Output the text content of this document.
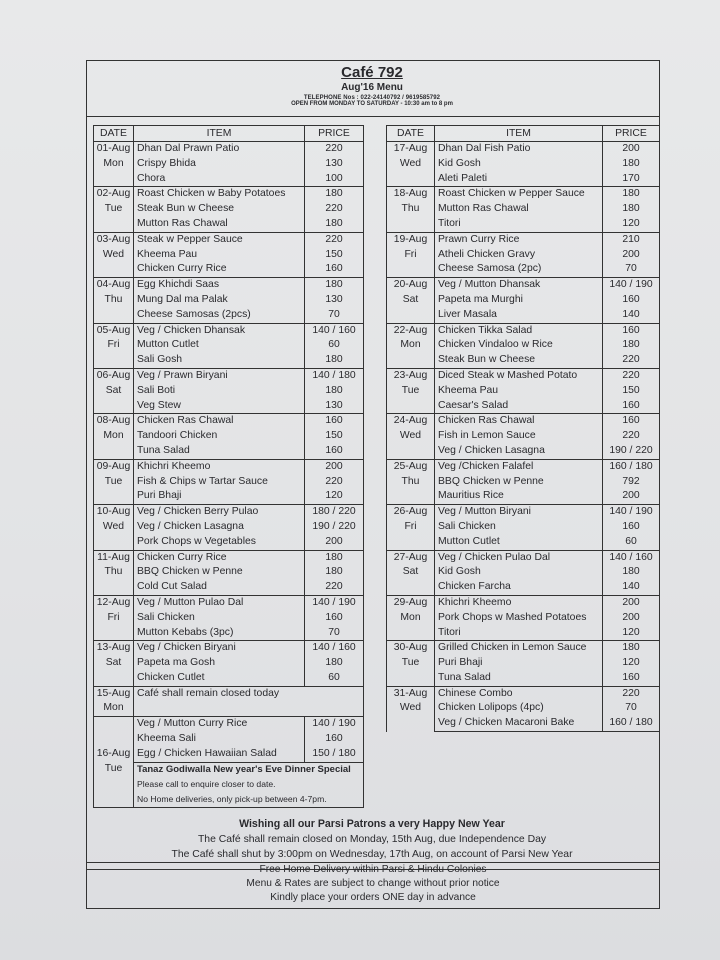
Café 792
Aug'16 Menu
TELEPHONE Nos : 022-24140792 / 9619585792
OPEN FROM MONDAY TO SATURDAY - 10:30 am to 8 pm
DATE	ITEM	PRICE

01-Aug
Mon	Dhan Dal Prawn Patio	220
	Crispy Bhida	130
	Chora	100

02-Aug
Tue	Roast Chicken w Baby Potatoes	180
	Steak Bun w Cheese	220
	Mutton Ras Chawal	180

03-Aug
Wed	Steak w Pepper Sauce	220
	Kheema Pau	150
	Chicken Curry Rice	160

04-Aug
Thu	Egg Khichdi Saas	180
	Mung Dal ma Palak	130
	Cheese Samosas (2pcs)	70

05-Aug
Fri	Veg / Chicken Dhansak	140 / 160
	Mutton Cutlet	60
	Sali Gosh	180

06-Aug
Sat	Veg / Prawn Biryani	140 / 180
	Sali Boti	180
	Veg Stew	130

08-Aug
Mon	Chicken Ras Chawal	160
	Tandoori Chicken	150
	Tuna Salad	160

09-Aug
Tue	Khichri Kheemo	200
	Fish & Chips w Tartar Sauce	220
	Puri Bhaji	120

10-Aug
Wed	Veg / Chicken Berry Pulao	180 / 220
	Veg / Chicken Lasagna	190 / 220
	Pork Chops w Vegetables	200

11-Aug
Thu	Chicken Curry Rice	180
	BBQ Chicken w Penne	180
	Cold Cut Salad	220

12-Aug
Fri	Veg / Mutton Pulao Dal	140 / 190
	Sali Chicken	160
	Mutton Kebabs (3pc)	70

13-Aug
Sat	Veg / Chicken Biryani	140 / 160
	Papeta ma Gosh	180
	Chicken Cutlet	60

15-Aug
Mon	Café shall remain closed today	

16-Aug
Tue	Veg / Mutton Curry Rice	140 / 190
	Kheema Sali	160
	Egg / Chicken Hawaiian Salad	150 / 180
	Tanaz Godiwalla New year's Eve Dinner Special	
	Please call to enquire closer to date.	
	No Home deliveries, only pick-up between 4-7pm.	
DATE	ITEM	PRICE

17-Aug
Wed	Dhan Dal Fish Patio	200
	Kid Gosh	180
	Aleti Paleti	170

18-Aug
Thu	Roast Chicken w Pepper Sauce	180
	Mutton Ras Chawal	180
	Titori	120

19-Aug
Fri	Prawn Curry Rice	210
	Atheli Chicken Gravy	200
	Cheese Samosa (2pc)	70

20-Aug
Sat	Veg / Mutton Dhansak	140 / 190
	Papeta ma Murghi	160
	Liver Masala	140

22-Aug
Mon	Chicken Tikka Salad	160
	Chicken Vindaloo w Rice	180
	Steak Bun w Cheese	220

23-Aug
Tue	Diced Steak w Mashed Potato	220
	Kheema Pau	150
	Caesar's Salad	160

24-Aug
Wed	Chicken Ras Chawal	160
	Fish in Lemon Sauce	220
	Veg / Chicken Lasagna	190 / 220

25-Aug
Thu	Veg /Chicken Falafel	160 / 180
	BBQ Chicken w Penne	792
	Mauritius Rice	200

26-Aug
Fri	Veg / Mutton Biryani	140 / 190
	Sali Chicken	160
	Mutton Cutlet	60

27-Aug
Sat	Veg / Chicken Pulao Dal	140 / 160
	Kid Gosh	180
	Chicken Farcha	140

29-Aug
Mon	Khichri Kheemo	200
	Pork Chops w Mashed Potatoes	200
	Titori	120

30-Aug
Tue	Grilled Chicken in Lemon Sauce	180
	Puri Bhaji	120
	Tuna Salad	160

31-Aug
Wed	Chinese Combo	220
	Chicken Lolipops (4pc)	70
	Veg / Chicken Macaroni Bake	160 / 180
Wishing all our Parsi Patrons a very Happy New Year
The Café shall remain closed on Monday, 15th Aug, due Independence Day
The Café shall shut by 3:00pm on Wednesday, 17th Aug, on account of Parsi New Year
Free Home Delivery within Parsi & Hindu Colonies
Menu & Rates are subject to change without prior notice
Kindly place your orders ONE day in advance
